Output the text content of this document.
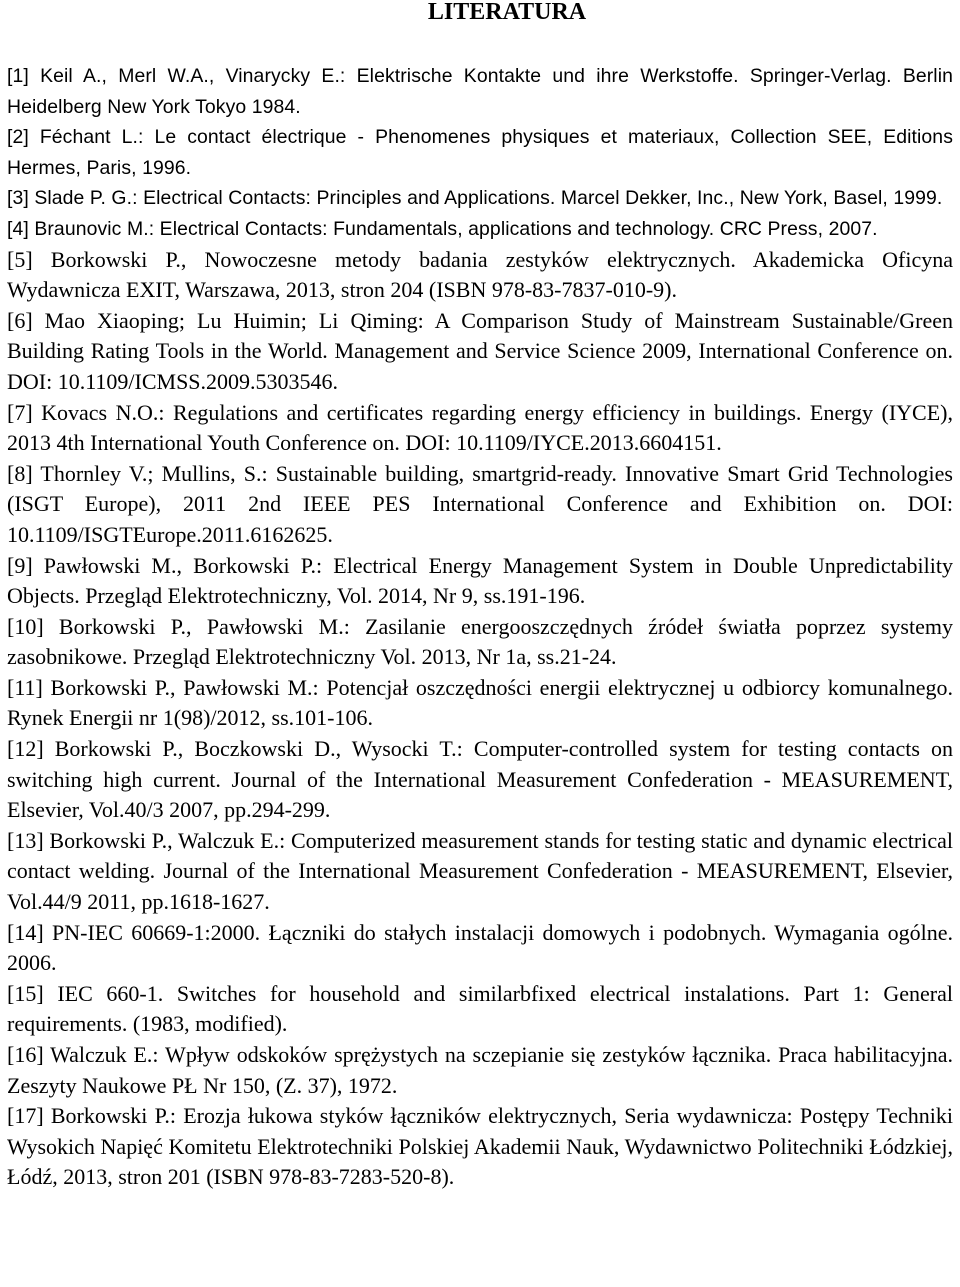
LITERATURA
[1] Keil A., Merl W.A., Vinarycky E.: Elektrische Kontakte und ihre Werkstoffe. Springer-Verlag. Berlin Heidelberg New York Tokyo 1984.
[2] Féchant L.: Le contact électrique - Phenomenes physiques et materiaux, Collection SEE, Editions Hermes, Paris, 1996.
[3] Slade P. G.: Electrical Contacts: Principles and Applications. Marcel Dekker, Inc., New York, Basel, 1999.
[4] Braunovic M.: Electrical Contacts: Fundamentals, applications and technology. CRC Press, 2007.
[5] Borkowski P., Nowoczesne metody badania zestyków elektrycznych. Akademicka Oficyna Wydawnicza EXIT, Warszawa, 2013, stron 204 (ISBN 978-83-7837-010-9).
[6] Mao Xiaoping; Lu Huimin; Li Qiming: A Comparison Study of Mainstream Sustainable/Green Building Rating Tools in the World. Management and Service Science 2009, International Conference on. DOI: 10.1109/ICMSS.2009.5303546.
[7] Kovacs N.O.: Regulations and certificates regarding energy efficiency in buildings. Energy (IYCE), 2013 4th International Youth Conference on. DOI: 10.1109/IYCE.2013.6604151.
[8] Thornley V.; Mullins, S.: Sustainable building, smartgrid-ready. Innovative Smart Grid Technologies (ISGT Europe), 2011 2nd IEEE PES International Conference and Exhibition on. DOI: 10.1109/ISGTEurope.2011.6162625.
[9] Pawłowski M., Borkowski P.: Electrical Energy Management System in Double Unpredictability Objects. Przegląd Elektrotechniczny, Vol. 2014, Nr 9, ss.191-196.
[10] Borkowski P., Pawłowski M.: Zasilanie energooszczędnych źródeł światła poprzez systemy zasobnikowe. Przegląd Elektrotechniczny Vol. 2013, Nr 1a, ss.21-24.
[11] Borkowski P., Pawłowski M.: Potencjał oszczędności energii elektrycznej u odbiorcy komunalnego. Rynek Energii nr 1(98)/2012, ss.101-106.
[12] Borkowski P., Boczkowski D., Wysocki T.: Computer-controlled system for testing contacts on switching high current. Journal of the International Measurement Confederation - MEASUREMENT, Elsevier, Vol.40/3 2007, pp.294-299.
[13] Borkowski P., Walczuk E.: Computerized measurement stands for testing static and dynamic electrical contact welding. Journal of the International Measurement Confederation - MEASUREMENT, Elsevier, Vol.44/9 2011, pp.1618-1627.
[14] PN-IEC 60669-1:2000. Łączniki do stałych instalacji domowych i podobnych. Wymagania ogólne. 2006.
[15] IEC 660-1. Switches for household and similarbfixed electrical instalations. Part 1: General requirements. (1983, modified).
[16] Walczuk E.: Wpływ odskoków sprężystych na sczepianie się zestyków łącznika. Praca habilitacyjna. Zeszyty Naukowe PŁ Nr 150, (Z. 37), 1972.
[17] Borkowski P.: Erozja łukowa styków łączników elektrycznych, Seria wydawnicza: Postępy Techniki Wysokich Napięć Komitetu Elektrotechniki Polskiej Akademii Nauk, Wydawnictwo Politechniki Łódzkiej, Łódź, 2013, stron 201 (ISBN 978-83-7283-520-8).
